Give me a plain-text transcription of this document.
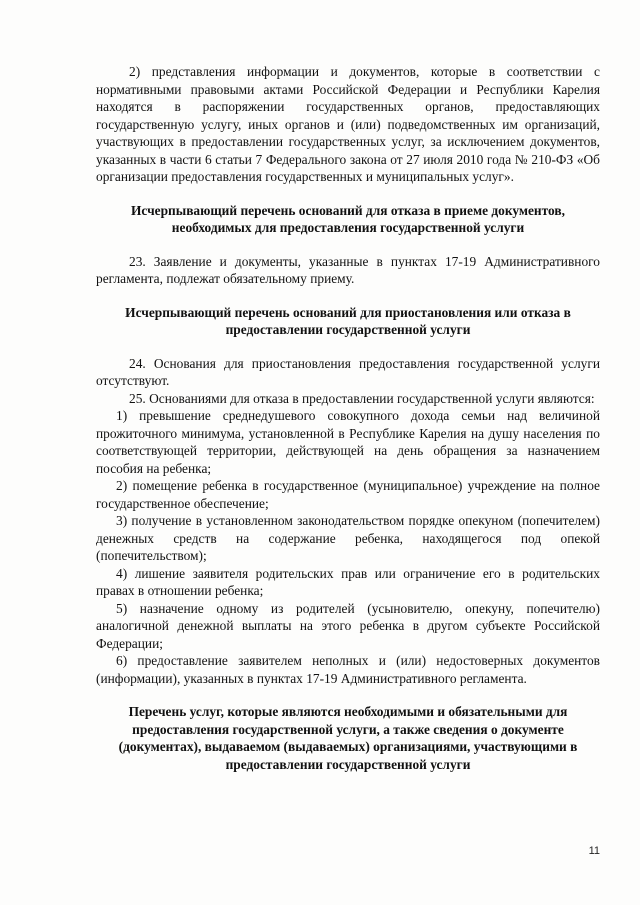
2) представления информации и документов, которые в соответствии с нормативными правовыми актами Российской Федерации и Республики Карелия находятся в распоряжении государственных органов, предоставляющих государственную услугу, иных органов и (или) подведомственных им организаций, участвующих в предоставлении государственных услуг, за исключением документов, указанных в части 6 статьи 7 Федерального закона от 27 июля 2010 года № 210-ФЗ «Об организации предоставления государственных и муниципальных услуг».

Исчерпывающий перечень оснований для отказа в приеме документов, необходимых для предоставления государственной услуги

23. Заявление и документы, указанные в пунктах 17-19 Административного регламента, подлежат обязательному приему.

Исчерпывающий перечень оснований для приостановления или отказа в предоставлении государственной услуги

24. Основания для приостановления предоставления государственной услуги отсутствуют.

25. Основаниями для отказа в предоставлении государственной услуги являются:

1) превышение среднедушевого совокупного дохода семьи над величиной прожиточного минимума, установленной в Республике Карелия на душу населения по соответствующей территории, действующей на день обращения за назначением пособия на ребенка;

2) помещение ребенка в государственное (муниципальное) учреждение на полное государственное обеспечение;

3) получение в установленном законодательством порядке опекуном (попечителем) денежных средств на содержание ребенка, находящегося под опекой (попечительством);

4) лишение заявителя родительских прав или ограничение его в родительских правах в отношении ребенка;

5) назначение одному из родителей (усыновителю, опекуну, попечителю) аналогичной денежной выплаты на этого ребенка в другом субъекте Российской Федерации;

6) предоставление заявителем неполных и (или) недостоверных документов (информации), указанных в пунктах 17-19 Административного регламента.

Перечень услуг, которые являются необходимыми и обязательными для предоставления государственной услуги, а также сведения о документе (документах), выдаваемом (выдаваемых) организациями, участвующими в предоставлении государственной услуги

11
